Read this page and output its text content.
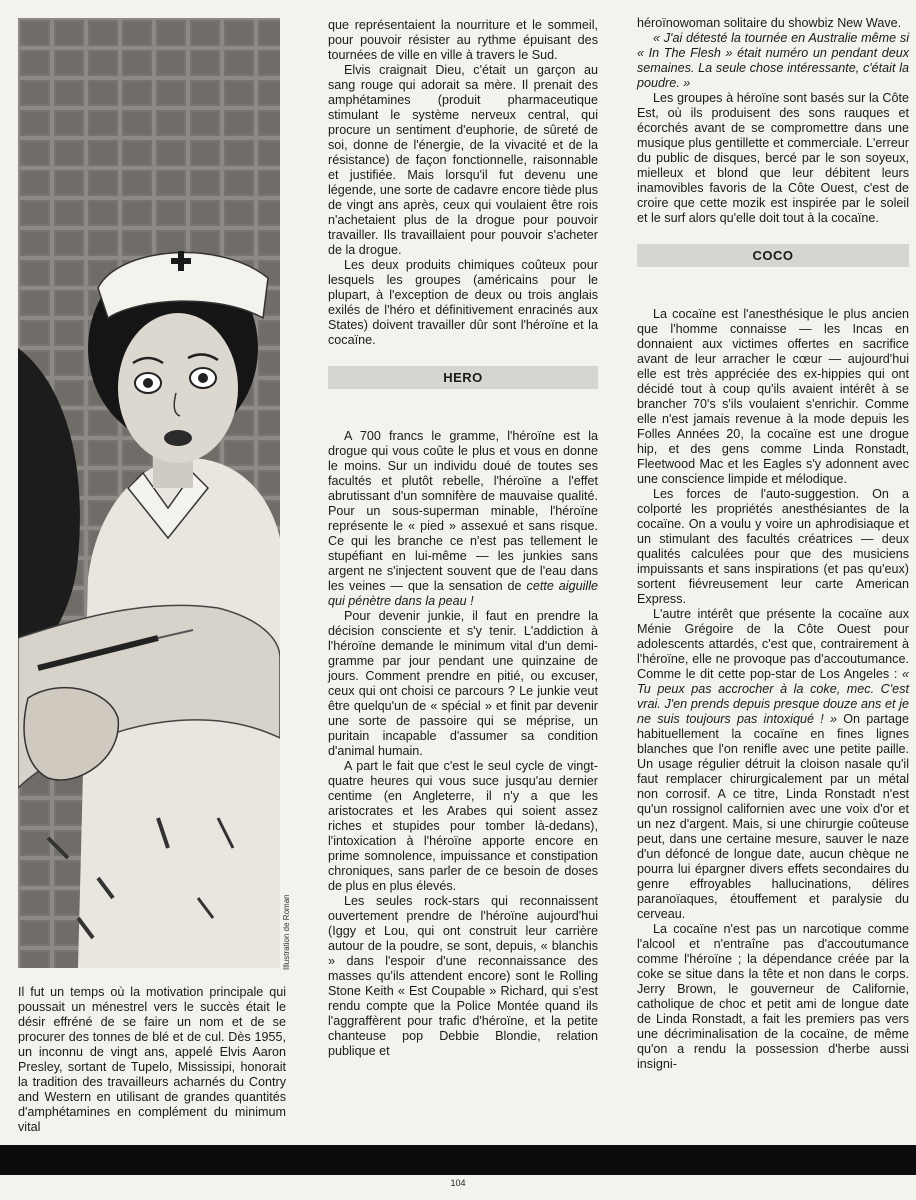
Illustration de Roman

Il fut un temps où la motivation principale qui poussait un ménestrel vers le succès était le désir effréné de se faire un nom et de se procurer des tonnes de blé et de cul. Dès 1955, un inconnu de vingt ans, appelé Elvis Aaron Presley, sortant de Tupelo, Mississipi, honorait la tradition des travailleurs acharnés du Contry and Western en utilisant de grandes quantités d'amphétamines en complément du minimum vital

que représentaient la nourriture et le sommeil, pour pouvoir résister au rythme épuisant des tournées de ville en ville à travers le Sud.

Elvis craignait Dieu, c'était un garçon au sang rouge qui adorait sa mère. Il prenait des amphétamines (produit pharmaceutique stimulant le système nerveux central, qui procure un sentiment d'euphorie, de sûreté de soi, donne de l'énergie, de la vivacité et de la résistance) de façon fonctionnelle, raisonnable et justifiée. Mais lorsqu'il fut devenu une légende, une sorte de cadavre encore tiède plus de vingt ans après, ceux qui voulaient être rois n'achetaient plus de la drogue pour pouvoir travailler. Ils travaillaient pour pouvoir s'acheter de la drogue.

Les deux produits chimiques coûteux pour lesquels les groupes (américains pour le plupart, à l'exception de deux ou trois anglais exilés de l'héro et définitivement enracinés aux States) doivent travailler dûr sont l'héroïne et la cocaïne.

HERO

A 700 francs le gramme, l'héroïne est la drogue qui vous coûte le plus et vous en donne le moins. Sur un individu doué de toutes ses facultés et plutôt rebelle, l'héroïne a l'effet abrutissant d'un somnifère de mauvaise qualité. Pour un sous-superman minable, l'héroïne représente le « pied » assexué et sans risque. Ce qui les branche ce n'est pas tellement le stupéfiant en lui-même — les junkies sans argent ne s'injectent souvent que de l'eau dans les veines — que la sensation de cette aiguille qui pénètre dans la peau !

Pour devenir junkie, il faut en prendre la décision consciente et s'y tenir. L'addiction à l'héroïne demande le minimum vital d'un demi-gramme par jour pendant une quinzaine de jours. Comment prendre en pitié, ou excuser, ceux qui ont choisi ce parcours ? Le junkie veut être quelqu'un de « spécial » et finit par devenir une sorte de passoire qui se méprise, un puritain incapable d'assumer sa condition d'animal humain.

A part le fait que c'est le seul cycle de vingt-quatre heures qui vous suce jusqu'au dernier centime (en Angleterre, il n'y a que les aristocrates et les Arabes qui soient assez riches et stupides pour tomber là-dedans), l'intoxication à l'héroïne apporte encore en prime somnolence, impuissance et constipation chroniques, sans parler de ce besoin de doses de plus en plus élevés.

Les seules rock-stars qui reconnaissent ouvertement prendre de l'héroïne aujourd'hui (Iggy et Lou, qui ont construit leur carrière autour de la poudre, se sont, depuis, « blanchis » dans l'espoir d'une reconnaissance des masses qu'ils attendent encore) sont le Rolling Stone Keith « Est Coupable » Richard, qui s'est rendu compte que la Police Montée quand ils l'aggraffèrent pour trafic d'héroïne, et la petite chanteuse pop Debbie Blondie, relation publique et

héroïnowoman solitaire du showbiz New Wave.

« J'ai détesté la tournée en Australie même si « In The Flesh » était numéro un pendant deux semaines. La seule chose intéressante, c'était la poudre. »

Les groupes à héroïne sont basés sur la Côte Est, où ils produisent des sons rauques et écorchés avant de se compromettre dans une musique plus gentillette et commerciale. L'erreur du public de disques, bercé par le son soyeux, mielleux et blond que leur débitent leurs inamovibles favoris de la Côte Ouest, c'est de croire que cette mozik est inspirée par le soleil et le surf alors qu'elle doit tout à la cocaïne.

COCO

La cocaïne est l'anesthésique le plus ancien que l'homme connaisse — les Incas en donnaient aux victimes offertes en sacrifice avant de leur arracher le cœur — aujourd'hui elle est très appréciée des ex-hippies qui ont décidé tout à coup qu'ils avaient intérêt à se brancher 70's s'ils voulaient s'enrichir. Comme elle n'est jamais revenue à la mode depuis les Folles Années 20, la cocaïne est une drogue hip, et des gens comme Linda Ronstadt, Fleetwood Mac et les Eagles s'y adonnent avec une conscience limpide et mélodique.

Les forces de l'auto-suggestion. On a colporté les propriétés anesthésiantes de la cocaïne. On a voulu y voire un aphrodisiaque et un stimulant des facultés créatrices — deux qualités calculées pour que des musiciens impuissants et sans inspirations (et pas qu'eux) sortent fiévreusement leur carte American Express.

L'autre intérêt que présente la cocaïne aux Ménie Grégoire de la Côte Ouest pour adolescents attardés, c'est que, contrairement à l'héroïne, elle ne provoque pas d'accoutumance. Comme le dit cette pop-star de Los Angeles : « Tu peux pas accrocher à la coke, mec. C'est vrai. J'en prends depuis presque douze ans et je ne suis toujours pas intoxiqué ! » On partage habituellement la cocaïne en fines lignes blanches que l'on renifle avec une petite paille. Un usage régulier détruit la cloison nasale qu'il faut remplacer chirurgicalement par un métal non corrosif. A ce titre, Linda Ronstadt n'est qu'un rossignol californien avec une voix d'or et un nez d'argent. Mais, si une chirurgie coûteuse peut, dans une certaine mesure, sauver le naze d'un défoncé de longue date, aucun chèque ne pourra lui épargner divers effets secondaires du genre effroyables hallucinations, délires paranoïaques, étouffement et paralysie du cerveau.

La cocaïne n'est pas un narcotique comme l'alcool et n'entraîne pas d'accoutumance comme l'héroïne ; la dépendance créée par la coke se situe dans la tête et non dans le corps. Jerry Brown, le gouverneur de Californie, catholique de choc et petit ami de longue date de Linda Ronstadt, a fait les premiers pas vers une décriminalisation de la cocaïne, de même qu'on a rendu la possession d'herbe aussi insigni-

104
